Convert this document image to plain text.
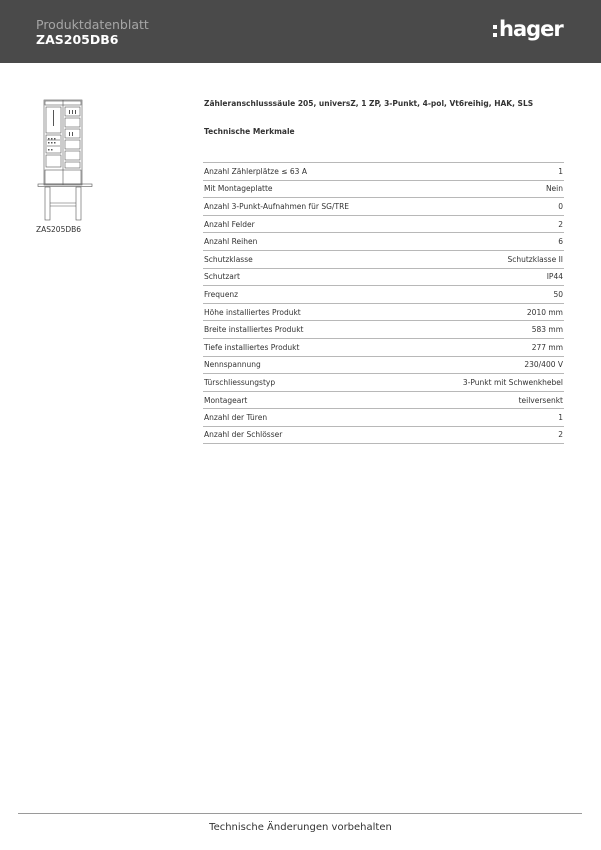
Produktdatenblatt
ZAS205DB6	hager
ZAS205DB6
Zähleranschlusssäule 205, universZ, 1 ZP, 3-Punkt, 4-pol, Vt6reihig, HAK, SLS
Technische Merkmale
Anzahl Zählerplätze ≤ 63 A	1
Mit Montageplatte	Nein
Anzahl 3-Punkt-Aufnahmen für SG/TRE	0
Anzahl Felder	2
Anzahl Reihen	6
Schutzklasse	Schutzklasse II
Schutzart	IP44
Frequenz	50
Höhe installiertes Produkt	2010 mm
Breite installiertes Produkt	583 mm
Tiefe installiertes Produkt	277 mm
Nennspannung	230/400 V
Türschliessungstyp	3-Punkt mit Schwenkhebel
Montageart	teilversenkt
Anzahl der Türen	1
Anzahl der Schlösser	2
Technische Änderungen vorbehalten
